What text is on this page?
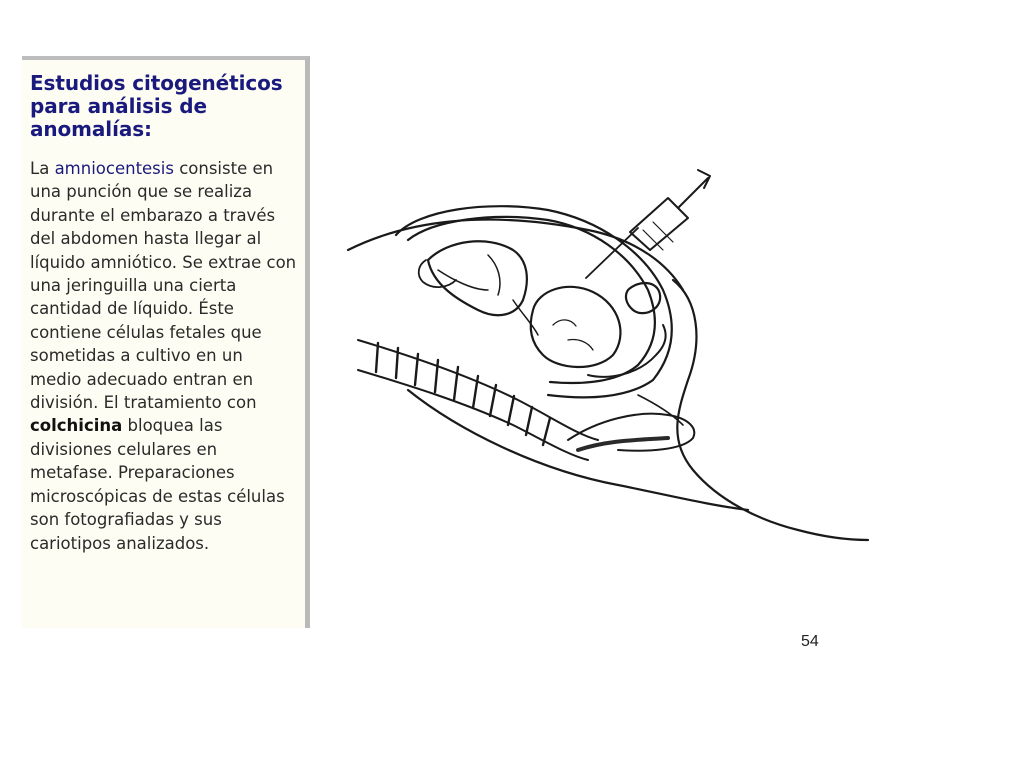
Estudios citogenéticos para análisis de anomalías:

La amniocentesis consiste en una punción que se realiza durante el embarazo a través del abdomen hasta llegar al líquido amniótico. Se extrae con una jeringuilla una cierta cantidad de líquido. Éste contiene células fetales que sometidas a cultivo en un medio adecuado entran en división. El tratamiento con colchicina bloquea las divisiones celulares en metafase. Preparaciones microscópicas de estas células son fotografiadas y sus cariotipos analizados.

54
